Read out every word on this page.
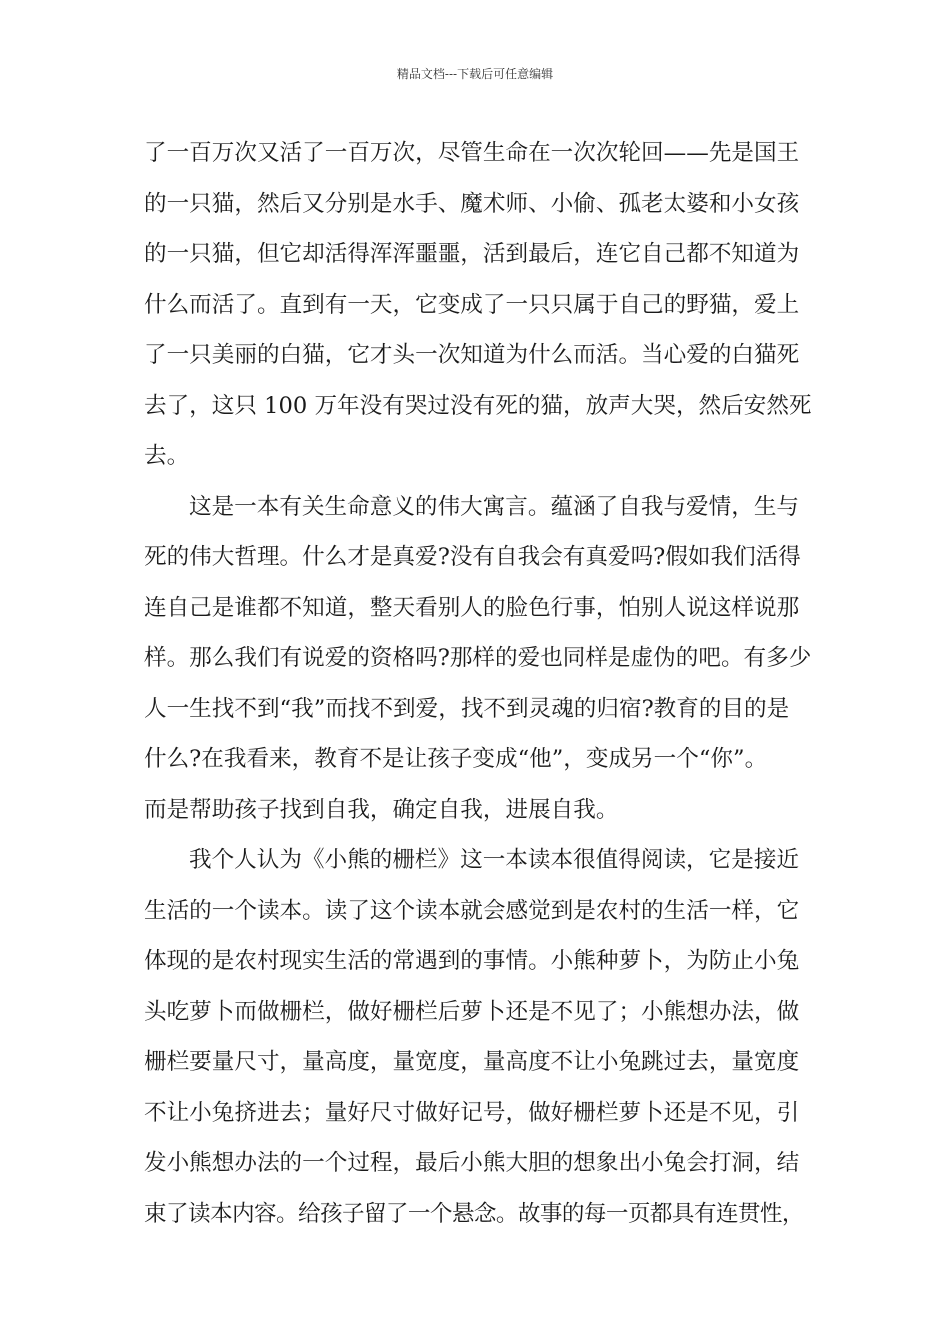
精品文档---下载后可任意编辑
了一百万次又活了一百万次，尽管生命在一次次轮回——先是国王
的一只猫，然后又分别是水手、魔术师、小偷、孤老太婆和小女孩
的一只猫，但它却活得浑浑噩噩，活到最后，连它自己都不知道为
什么而活了。直到有一天，它变成了一只只属于自己的野猫，爱上
了一只美丽的白猫，它才头一次知道为什么而活。当心爱的白猫死
去了，这只 100 万年没有哭过没有死的猫，放声大哭，然后安然死
去。
这是一本有关生命意义的伟大寓言。蕴涵了自我与爱情，生与
死的伟大哲理。什么才是真爱?没有自我会有真爱吗?假如我们活得
连自己是谁都不知道，整天看别人的脸色行事，怕别人说这样说那
样。那么我们有说爱的资格吗?那样的爱也同样是虚伪的吧。有多少
人一生找不到“我”而找不到爱，找不到灵魂的归宿?教育的目的是
什么?在我看来，教育不是让孩子变成“他”，变成另一个“你”。
而是帮助孩子找到自我，确定自我，进展自我。
我个人认为《小熊的栅栏》这一本读本很值得阅读，它是接近
生活的一个读本。读了这个读本就会感觉到是农村的生活一样，它
体现的是农村现实生活的常遇到的事情。小熊种萝卜，为防止小兔
头吃萝卜而做栅栏，做好栅栏后萝卜还是不见了；小熊想办法，做
栅栏要量尺寸，量高度，量宽度，量高度不让小兔跳过去，量宽度
不让小兔挤进去；量好尺寸做好记号，做好栅栏萝卜还是不见，引
发小熊想办法的一个过程，最后小熊大胆的想象出小兔会打洞，结
束了读本内容。给孩子留了一个悬念。故事的每一页都具有连贯性，
